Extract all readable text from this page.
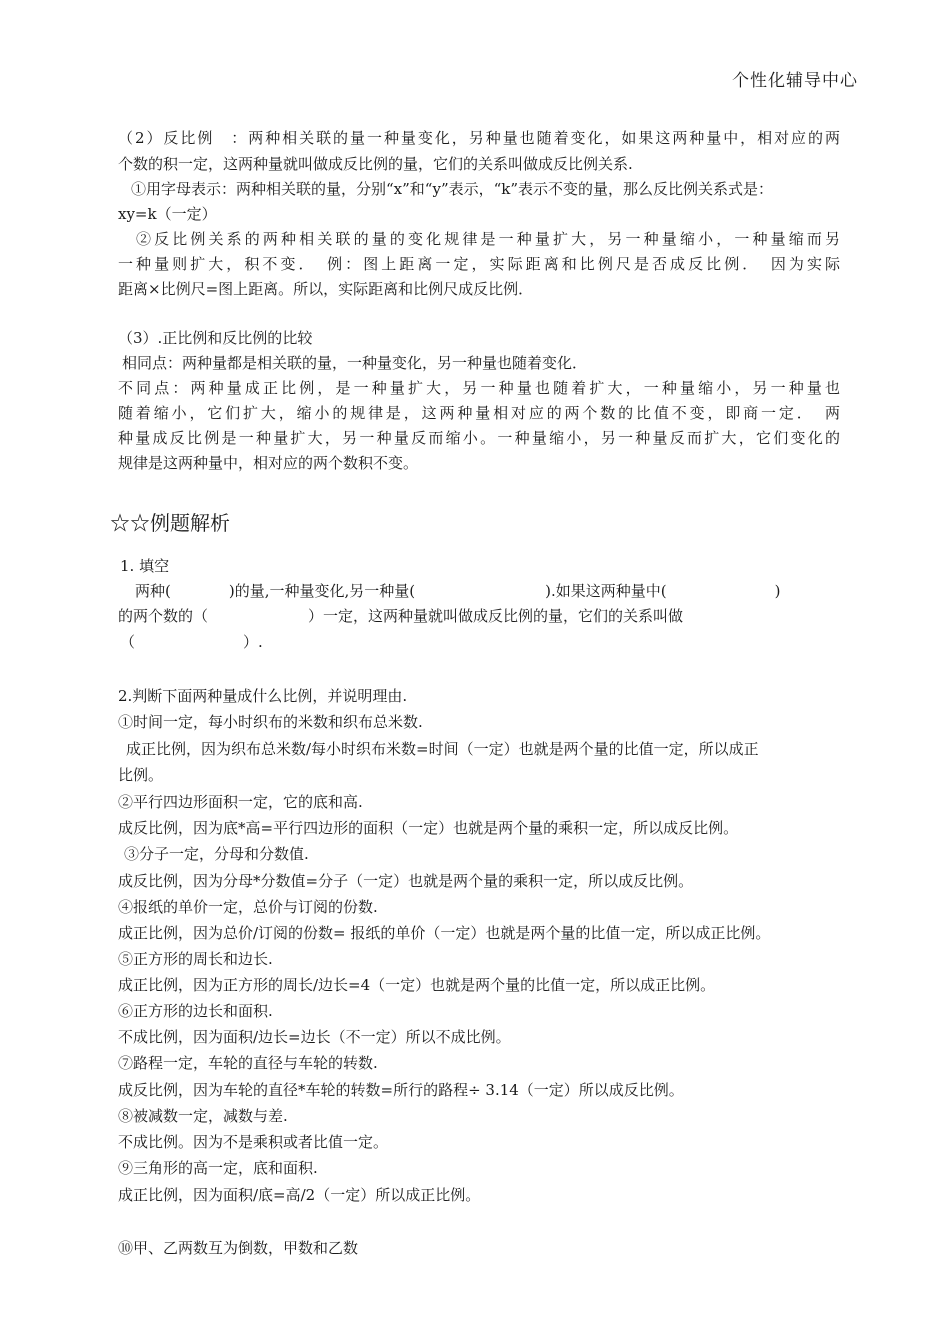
个性化辅导中心
（2）反比例　：两种相关联的量一种量变化，另种量也随着变化，如果这两种量中，相对应的两
个数的积一定，这两种量就叫做成反比例的量，它们的关系叫做成反比例关系.
①用字母表示：两种相关联的量，分别“x”和“y”表示，“k”表示不变的量，那么反比例关系式是：
xy=k（一定）
②反比例关系的两种相关联的量的变化规律是一种量扩大，另一种量缩小，一种量缩而另
一种量则扩大，积不变．　例：图上距离一定，实际距离和比例尺是否成反比例．　因为实际
距离×比例尺=图上距离。所以，实际距离和比例尺成反比例．
（3）.正比例和反比例的比较
相同点：两种量都是相关联的量，一种量变化，另一种量也随着变化．
不同点：两种量成正比例，是一种量扩大，另一种量也随着扩大，一种量缩小，另一种量也
随着缩小，它们扩大，缩小的规律是，这两种量相对应的两个数的比值不变，即商一定．　两
种量成反比例是一种量扩大，另一种量反而缩小。一种量缩小，另一种量反而扩大，它们变化的
规律是这两种量中，相对应的两个数积不变。
☆☆例题解析
1. 填空
两种(	)的量,一种量变化,另一种量(	).如果这两种量中(	)
的两个数的（	）一定，这两种量就叫做成反比例的量，它们的关系叫做
（	）.
2.判断下面两种量成什么比例，并说明理由.
①时间一定，每小时织布的米数和织布总米数.
成正比例，因为织布总米数/每小时织布米数=时间（一定）也就是两个量的比值一定，所以成正
比例。
②平行四边形面积一定，它的底和高.
成反比例，因为底*高=平行四边形的面积（一定）也就是两个量的乘积一定，所以成反比例。
③分子一定，分母和分数值.
成反比例，因为分母*分数值=分子（一定）也就是两个量的乘积一定，所以成反比例。
④报纸的单价一定，总价与订阅的份数.
成正比例，因为总价/订阅的份数= 报纸的单价（一定）也就是两个量的比值一定，所以成正比例。
⑤正方形的周长和边长.
成正比例，因为正方形的周长/边长=4（一定）也就是两个量的比值一定，所以成正比例。
⑥正方形的边长和面积.
不成比例，因为面积/边长=边长（不一定）所以不成比例。
⑦路程一定，车轮的直径与车轮的转数.
成反比例，因为车轮的直径*车轮的转数=所行的路程÷ 3.14（一定）所以成反比例。
⑧被减数一定，减数与差.
不成比例。因为不是乘积或者比值一定。
⑨三角形的高一定，底和面积.
成正比例，因为面积/底=高/2（一定）所以成正比例。
⑩甲、乙两数互为倒数，甲数和乙数
